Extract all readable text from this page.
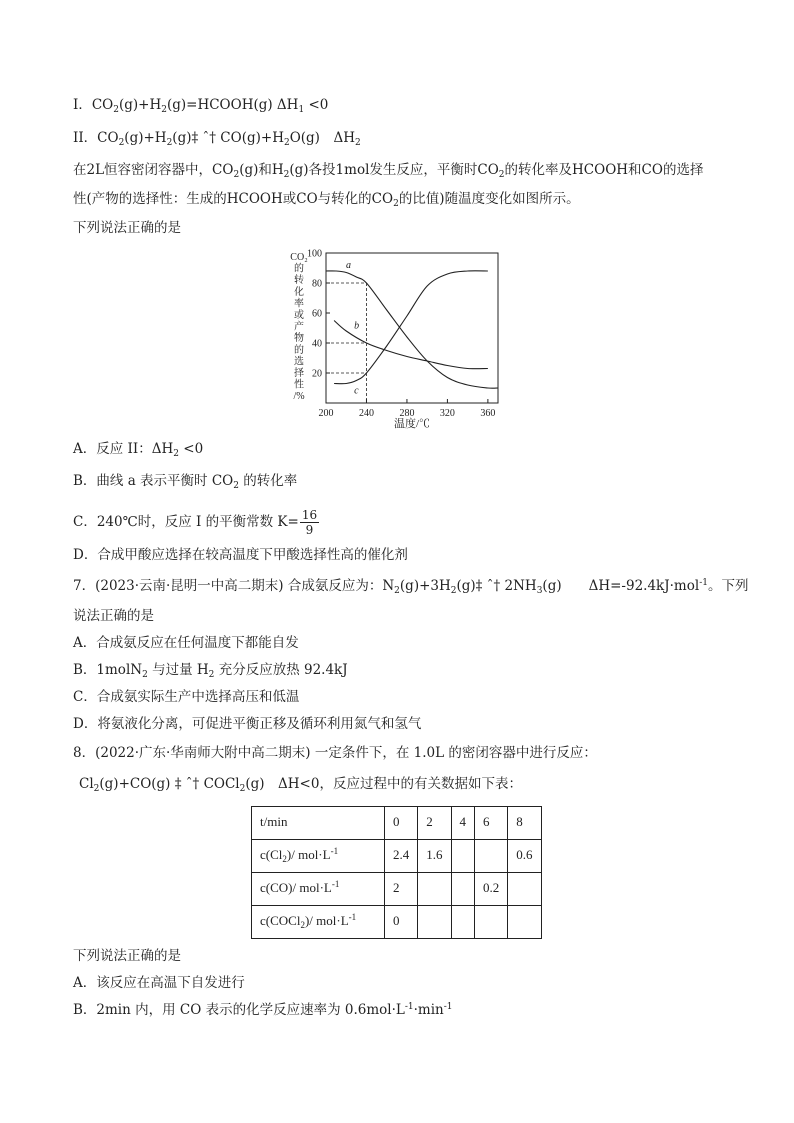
I．$CO_2(g)+H_2(g)=HCOOH(g)$ $\Delta H_1 <0$
II．$CO_2(g)+H_2(g)\ddagger$ ˆ† $CO(g)+H_2O(g)$　$\Delta H_2$
在2L恒容密闭容器中，$CO_2(g)$和$H_2(g)$各投1mol发生反应，平衡时$CO_2$的转化率及HCOOH和CO的选择
性(产物的选择性：生成的HCOOH或CO与转化的$CO_2$的比值)随温度变化如图所示。
下列说法正确的是
CO₂
的
转
化
率
或
产
物
的
选
择
性
/%
200	240	280	320	360
20
40
60
80
100
a
b
c
温度/℃
A．反应 II：$\Delta H_2 <0$
B．曲线 a 表示平衡时 $CO_2$ 的转化率
C．240℃时，反应 I 的平衡常数 $K= \frac{16}{9}$
D．合成甲酸应选择在较高温度下甲酸选择性高的催化剂
7．(2023·云南·昆明一中高二期末) 合成氨反应为：$N_2(g)+3H_2(g)\ddagger$ ˆ† $2NH_3(g)$　　ΔH=-92.4kJ·mol$^{-1}$。下列
说法正确的是
A．合成氨反应在任何温度下都能自发
B．1molN$_2$ 与过量 $H_2$ 充分反应放热 92.4kJ
C．合成氨实际生产中选择高压和低温
D．将氨液化分离，可促进平衡正移及循环利用氮气和氢气
8．(2022·广东·华南师大附中高二期末) 一定条件下，在 1.0L 的密闭容器中进行反应：
$Cl_2(g)+CO(g)$ ‡ ˆ† COCl$_2$(g)　ΔH<0，反应过程中的有关数据如下表：
t/min	0	2	4	6	8
$c(Cl_2)/$ $mol\cdot L^{-1}$	2.4	1.6			0.6
c(CO)/ $mol\cdot L^{-1}$	2			0.2	
c(COCl$_2$)/ $mol\cdot L^{-1}$	0				
下列说法正确的是
A．该反应在高温下自发进行
B．2min 内，用 CO 表示的化学反应速率为 $0.6mol\cdot L^{-1}\cdot\min^{-1}$
